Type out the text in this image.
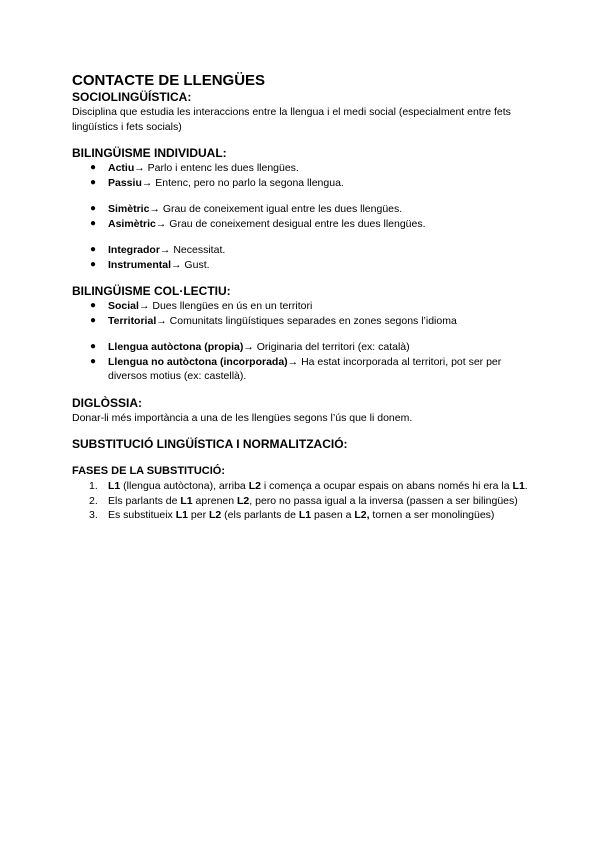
CONTACTE DE LLENGÜES
SOCIOLINGÜÍSTICA:

Disciplina que estudia les interaccions entre la llengua i el medi social (especialment entre fets lingüístics i fets socials)

BILINGÜISME INDIVIDUAL:
● Actiu→ Parlo i entenc les dues llengües.
● Passiu→ Entenc, pero no parlo la segona llengua.
● Simètric→ Grau de coneixement igual entre les dues llengües.
● Asimètric→ Grau de coneixement desigual entre les dues llengües.
● Integrador→ Necessitat.
● Instrumental→ Gust.
BILINGÜISME COL·LECTIU:
● Social→ Dues llengües en ús en un territori
● Territorial→ Comunitats lingüístiques separades en zones segons l’idioma
● Llengua autòctona (propia)→ Originaria del territori (ex: català)
● Llengua no autòctona (incorporada)→ Ha estat incorporada al territori, pot ser per diversos motius (ex: castellà).
DIGLÒSSIA:

Donar-li més importància a una de les llengües segons l’ús que li donem.

SUBSTITUCIÓ LINGÜÍSTICA I NORMALITZACIÓ:
FASES DE LA SUBSTITUCIÓ:
1. L1 (llengua autòctona), arriba L2 i comença a ocupar espais on abans només hi era la L1.
2. Els parlants de L1 aprenen L2, pero no passa igual a la inversa (passen a ser bilingües)
3. Es substitueix L1 per L2 (els parlants de L1 pasen a L2, tornen a ser monolingües)
